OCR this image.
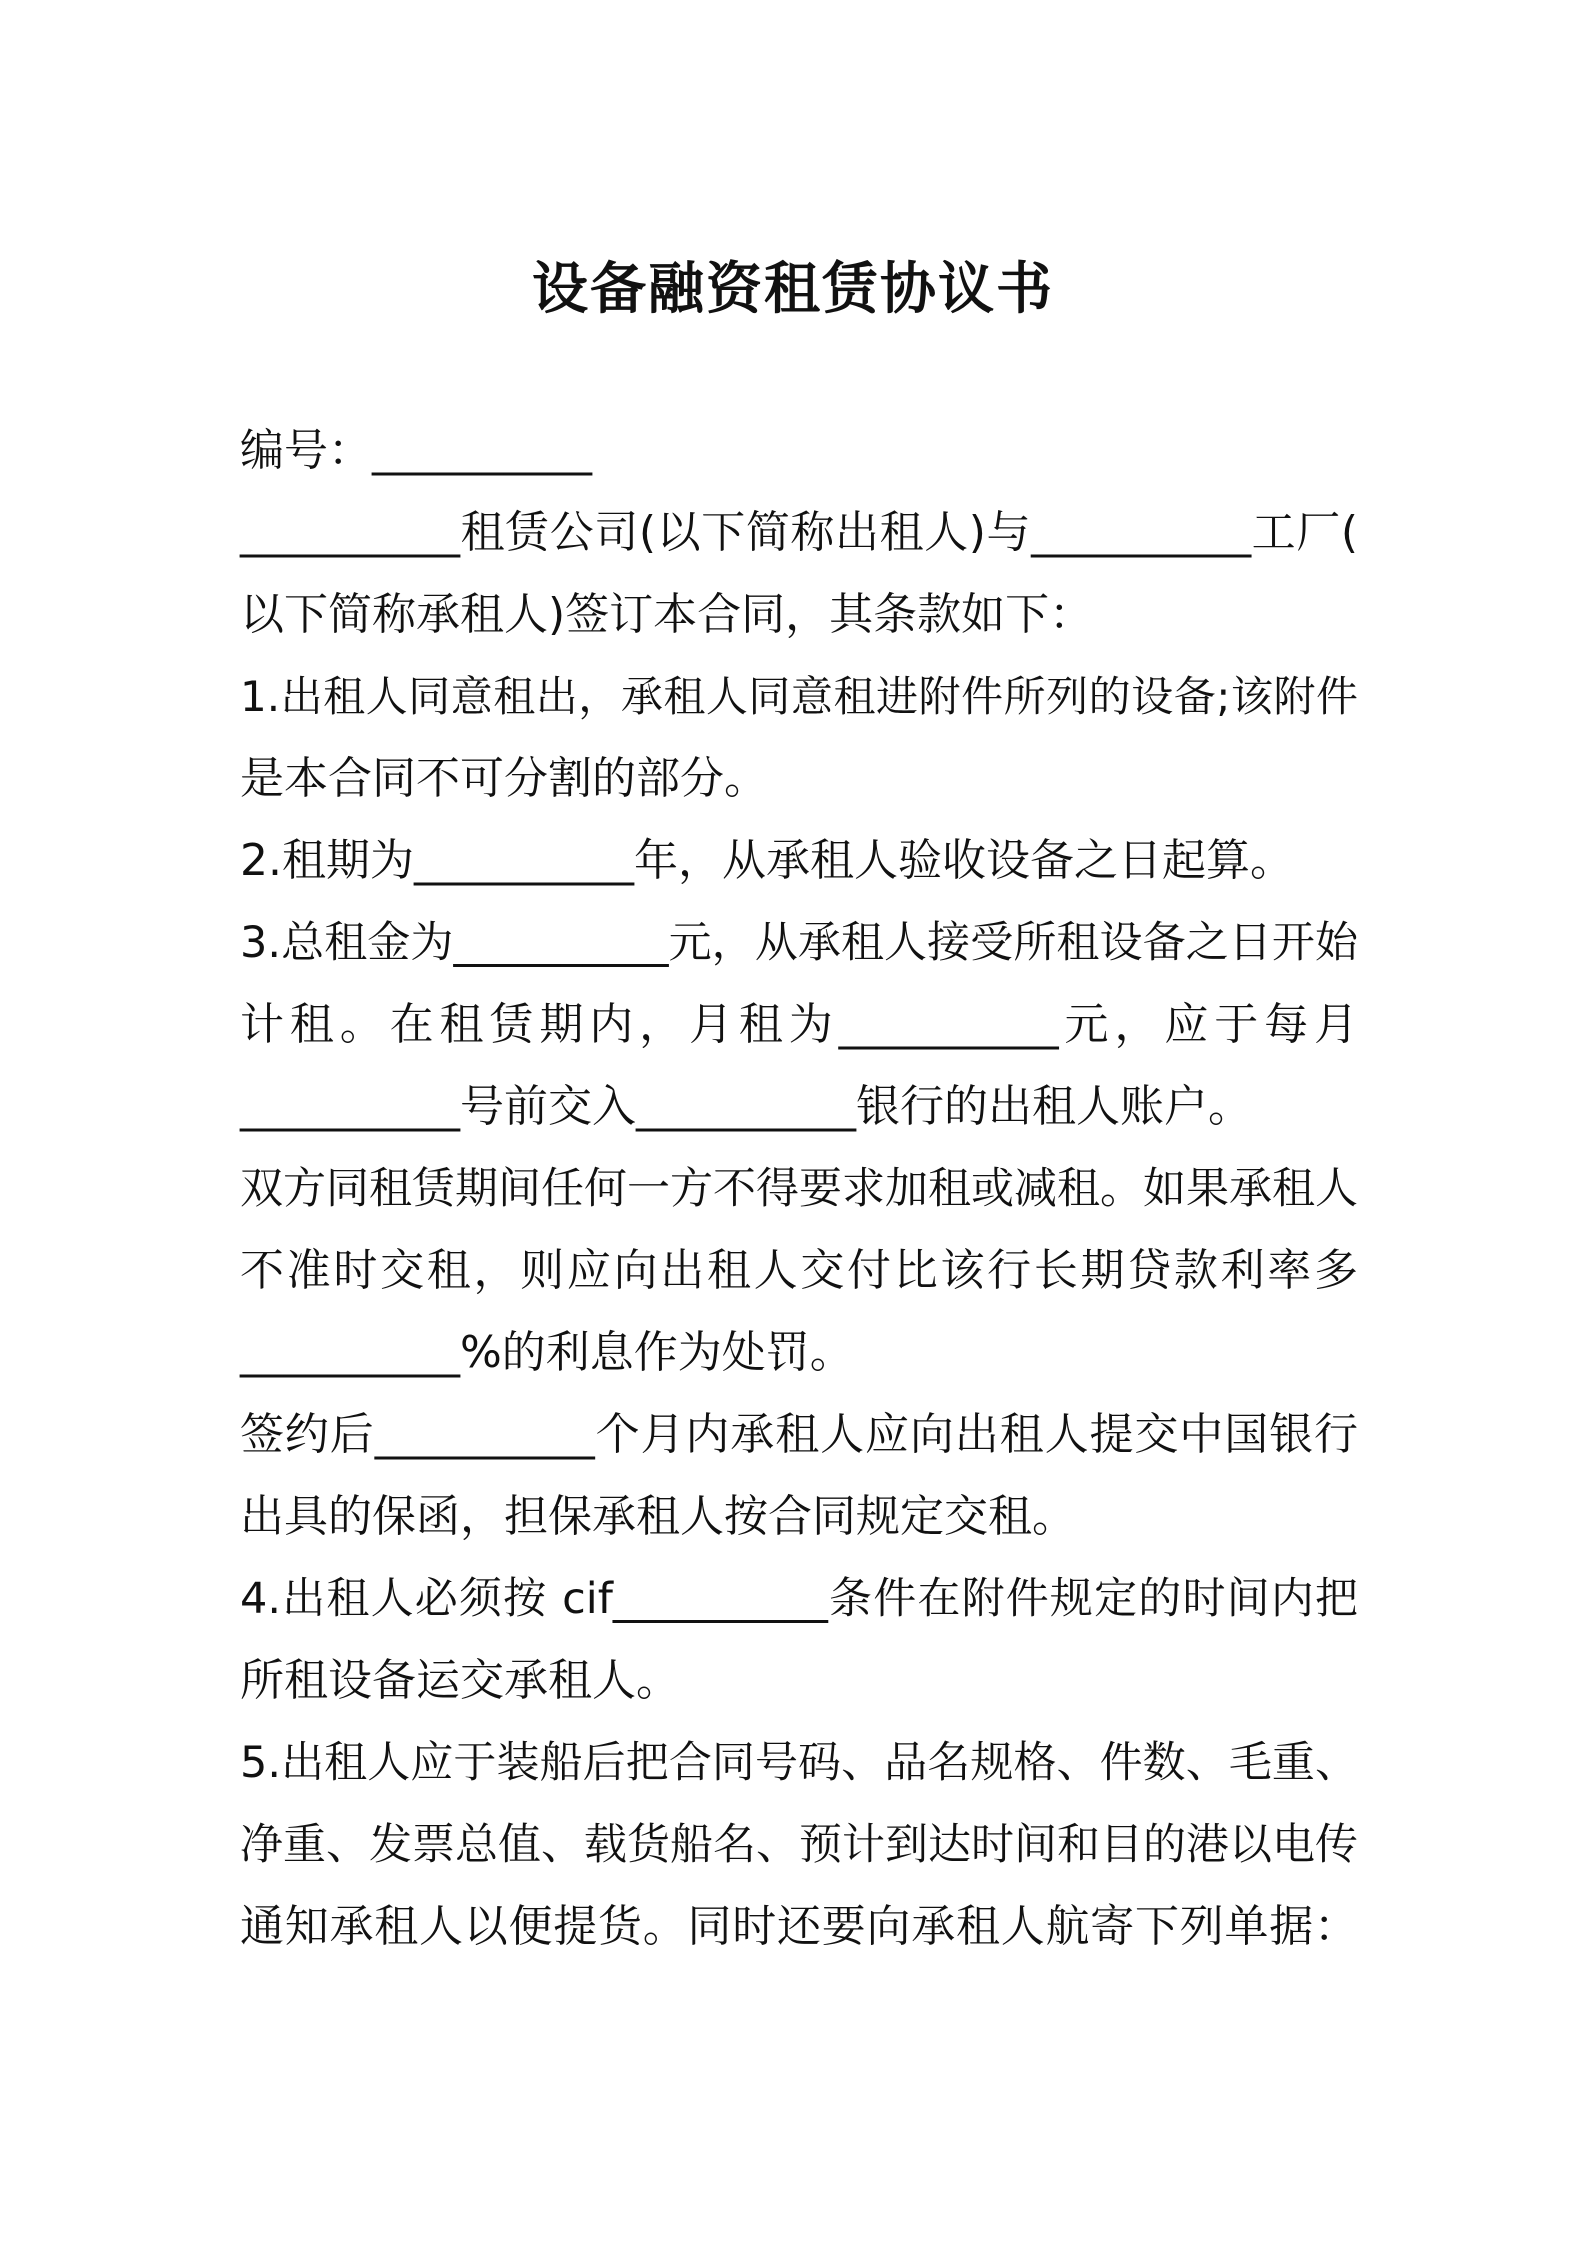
设备融资租赁协议书
编号：__________
__________租赁公司(以下简称出租人)与__________工厂(
以下简称承租人)签订本合同，其条款如下：
1.出租人同意租出，承租人同意租进附件所列的设备;该附件
是本合同不可分割的部分。
2.租期为__________年，从承租人验收设备之日起算。
3.总租金为__________元，从承租人接受所租设备之日开始
计租。在租赁期内，月租为__________元，应于每月
__________号前交入__________银行的出租人账户。
双方同租赁期间任何一方不得要求加租或减租。如果承租人
不准时交租，则应向出租人交付比该行长期贷款利率多
__________%的利息作为处罚。
签约后__________个月内承租人应向出租人提交中国银行
出具的保函，担保承租人按合同规定交租。
4.出租人必须按 cif__________条件在附件规定的时间内把
所租设备运交承租人。
5.出租人应于装船后把合同号码、品名规格、件数、毛重、
净重、发票总值、载货船名、预计到达时间和目的港以电传
通知承租人以便提货。同时还要向承租人航寄下列单据：
